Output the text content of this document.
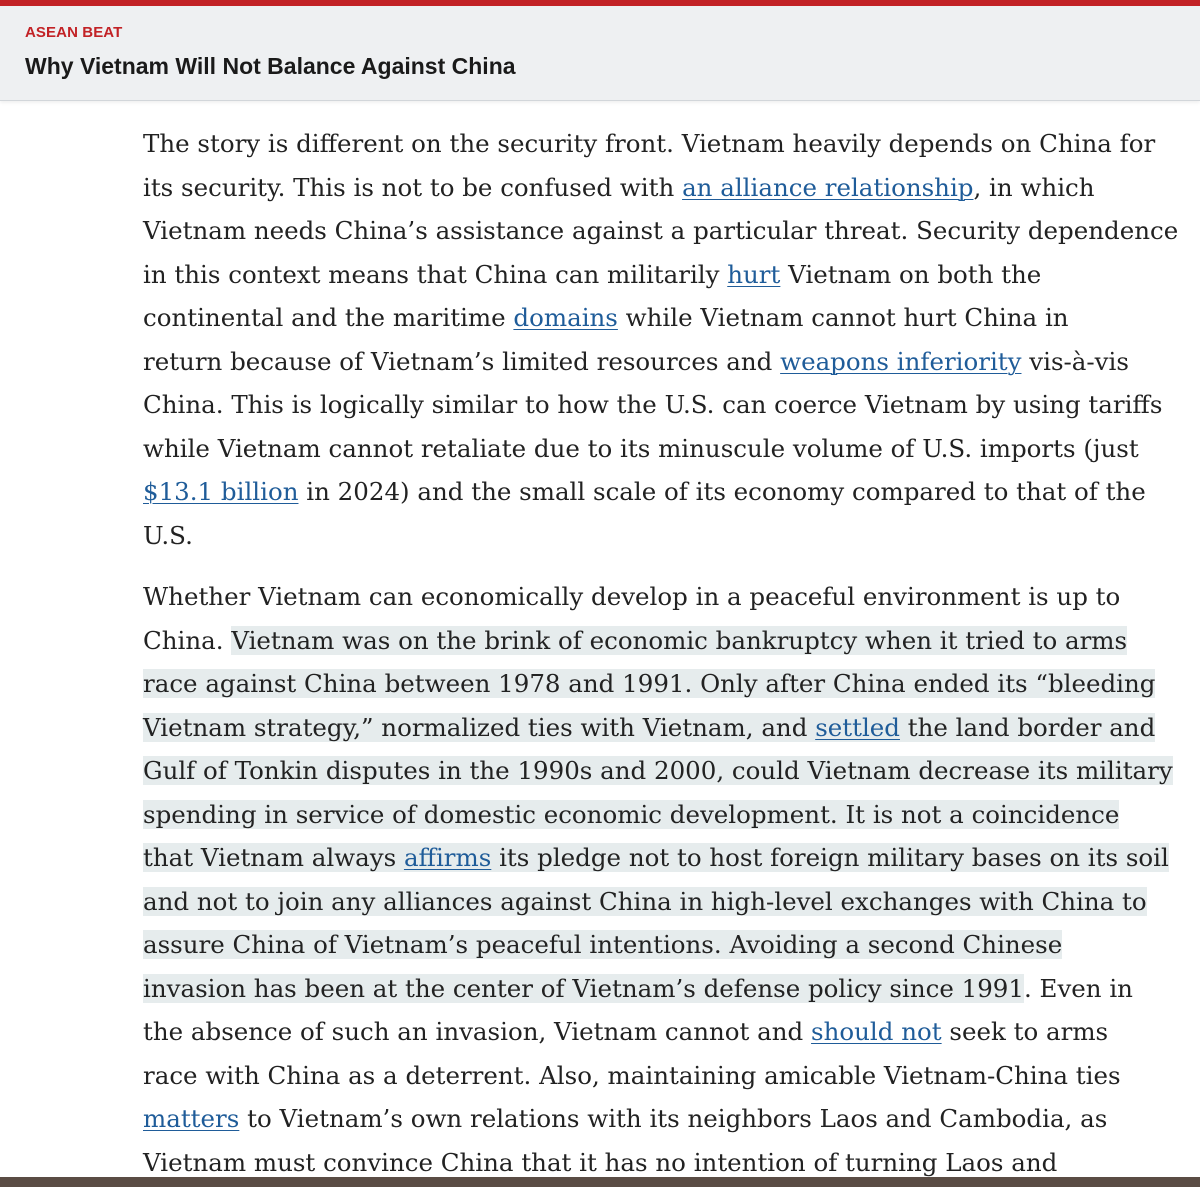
ASEAN BEAT
Why Vietnam Will Not Balance Against China

The story is different on the security front. Vietnam heavily depends on China for
its security. This is not to be confused with an alliance relationship, in which
Vietnam needs China’s assistance against a particular threat. Security dependence
in this context means that China can militarily hurt Vietnam on both the
continental and the maritime domains while Vietnam cannot hurt China in
return because of Vietnam’s limited resources and weapons inferiority vis-à-vis
China. This is logically similar to how the U.S. can coerce Vietnam by using tariffs
while Vietnam cannot retaliate due to its minuscule volume of U.S. imports (just
$13.1 billion in 2024) and the small scale of its economy compared to that of the
U.S.

Whether Vietnam can economically develop in a peaceful environment is up to
China. Vietnam was on the brink of economic bankruptcy when it tried to arms
race against China between 1978 and 1991. Only after China ended its “bleeding
Vietnam strategy,” normalized ties with Vietnam, and settled the land border and
Gulf of Tonkin disputes in the 1990s and 2000, could Vietnam decrease its military
spending in service of domestic economic development. It is not a coincidence
that Vietnam always affirms its pledge not to host foreign military bases on its soil
and not to join any alliances against China in high-level exchanges with China to
assure China of Vietnam’s peaceful intentions. Avoiding a second Chinese
invasion has been at the center of Vietnam’s defense policy since 1991. Even in
the absence of such an invasion, Vietnam cannot and should not seek to arms
race with China as a deterrent. Also, maintaining amicable Vietnam-China ties
matters to Vietnam’s own relations with its neighbors Laos and Cambodia, as
Vietnam must convince China that it has no intention of turning Laos and
